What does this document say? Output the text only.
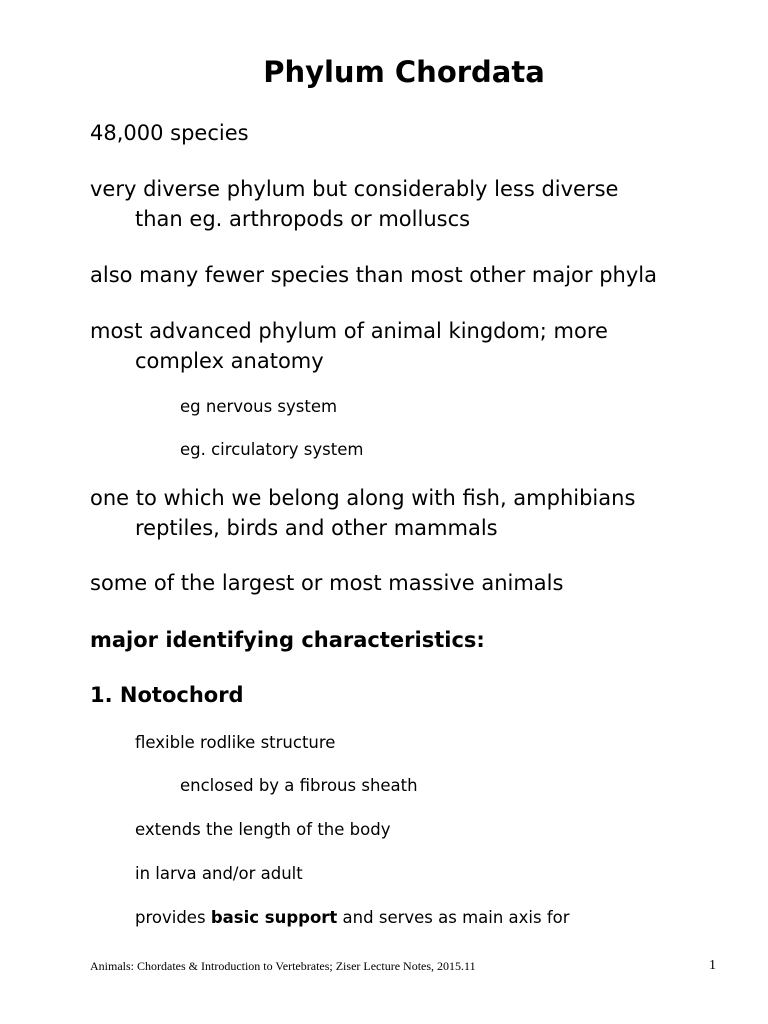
Phylum Chordata

48,000 species

very diverse phylum but considerably less diverse
than eg. arthropods or molluscs

also many fewer species than most other major phyla

most advanced phylum of animal kingdom; more
complex anatomy

eg nervous system

eg. circulatory system

one to which we belong along with fish, amphibians
reptiles, birds and other mammals

some of the largest or most massive animals

major identifying characteristics:

1. Notochord

flexible rodlike structure

enclosed by a fibrous sheath

extends the length of the body

in larva and/or adult

provides basic support and serves as main axis for

Animals: Chordates & Introduction to Vertebrates; Ziser Lecture Notes, 2015.11	1
